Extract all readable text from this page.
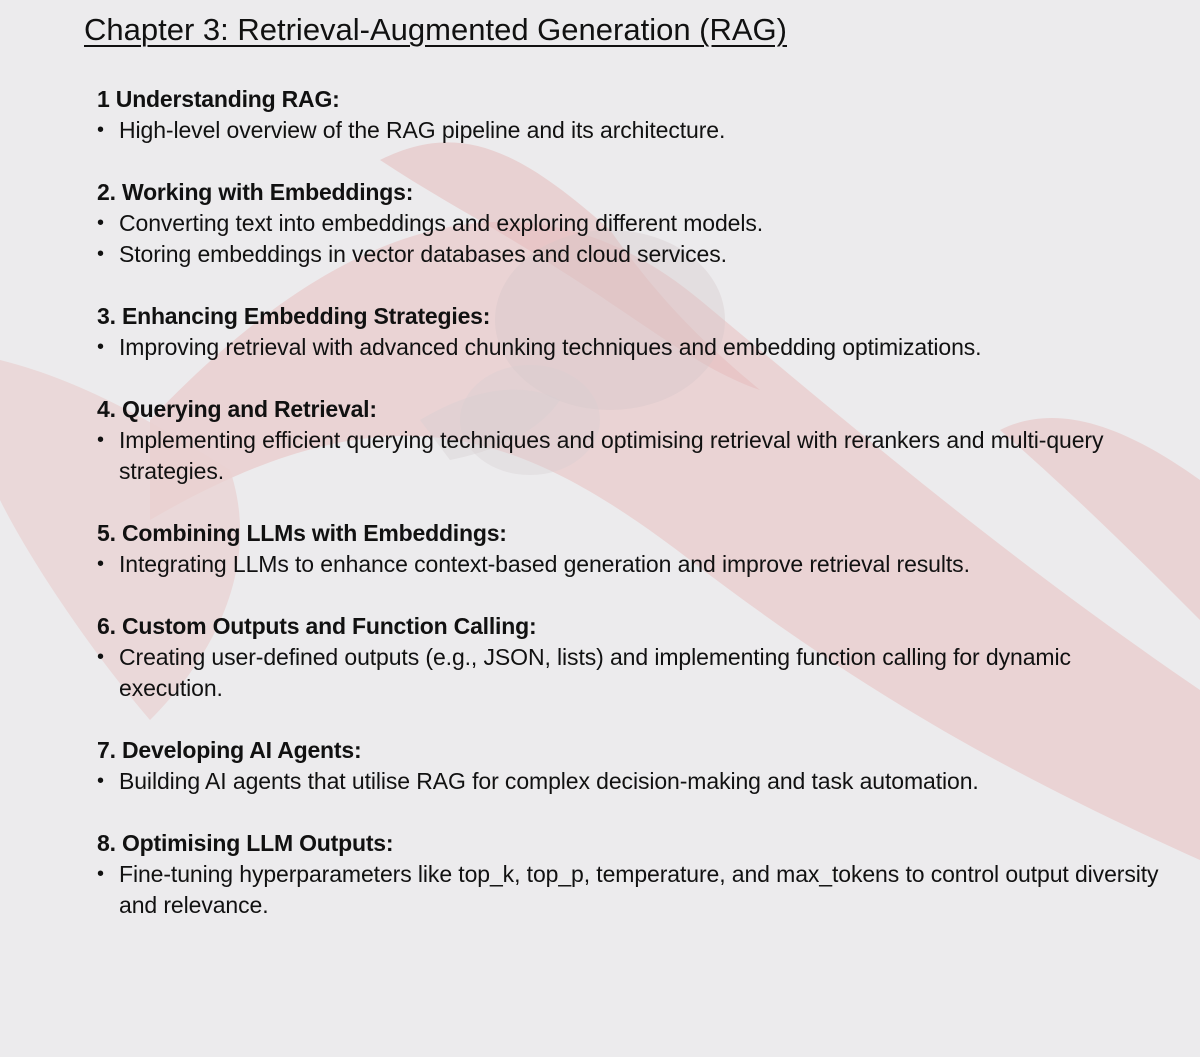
Chapter 3: Retrieval-Augmented Generation (RAG)
1 Understanding RAG:
• High-level overview of the RAG pipeline and its architecture.
2. Working with Embeddings:
• Converting text into embeddings and exploring different models.
• Storing embeddings in vector databases and cloud services.
3. Enhancing Embedding Strategies:
• Improving retrieval with advanced chunking techniques and embedding optimizations.
4. Querying and Retrieval:
• Implementing efficient querying techniques and optimising retrieval with rerankers and multi-query strategies.
5. Combining LLMs with Embeddings:
• Integrating LLMs to enhance context-based generation and improve retrieval results.
6. Custom Outputs and Function Calling:
• Creating user-defined outputs (e.g., JSON, lists) and implementing function calling for dynamic execution.
7. Developing AI Agents:
• Building AI agents that utilise RAG for complex decision-making and task automation.
8. Optimising LLM Outputs:
• Fine-tuning hyperparameters like top_k, top_p, temperature, and max_tokens to control output diversity and relevance.
